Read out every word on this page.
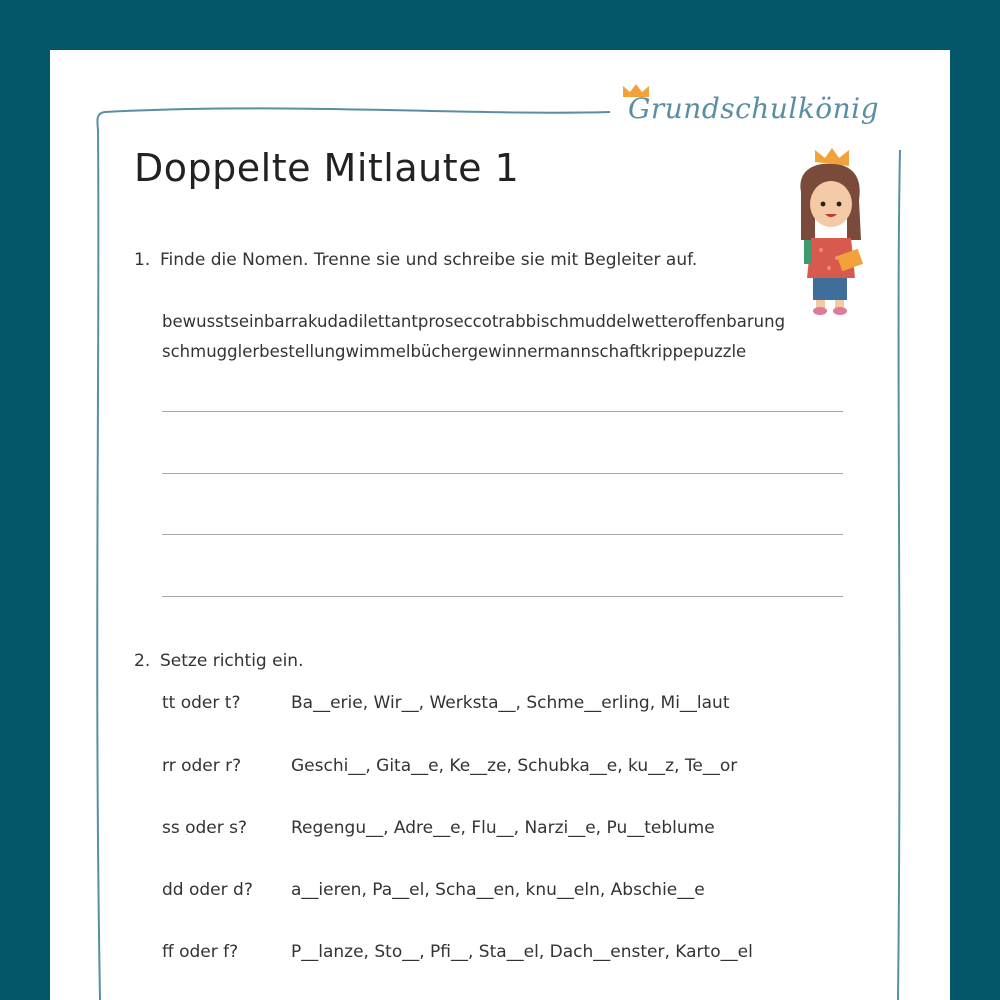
Grundschulkönig
Doppelte Mitlaute 1
1. Finde die Nomen. Trenne sie und schreibe sie mit Begleiter auf.
bewusstseinbarrakudadilettantproseccotrabbischmuddelwetteroffenbarung
schmugglerbestellungwimmelbüchergewinnermannschaftkrippepuzzle
2. Setze richtig ein.
tt oder t?	Ba__erie, Wir__, Werksta__, Schme__erling, Mi__laut
rr oder r?	Geschi__, Gita__e, Ke__ze, Schubka__e, ku__z, Te__or
ss oder s?	Regengu__, Adre__e, Flu__, Narzi__e, Pu__teblume
dd oder d? a__ieren, Pa__el, Scha__en, knu__eln, Abschie__e
ff oder f?	P__lanze, Sto__, Pfi__, Sta__el, Dach__enster, Karto__el
